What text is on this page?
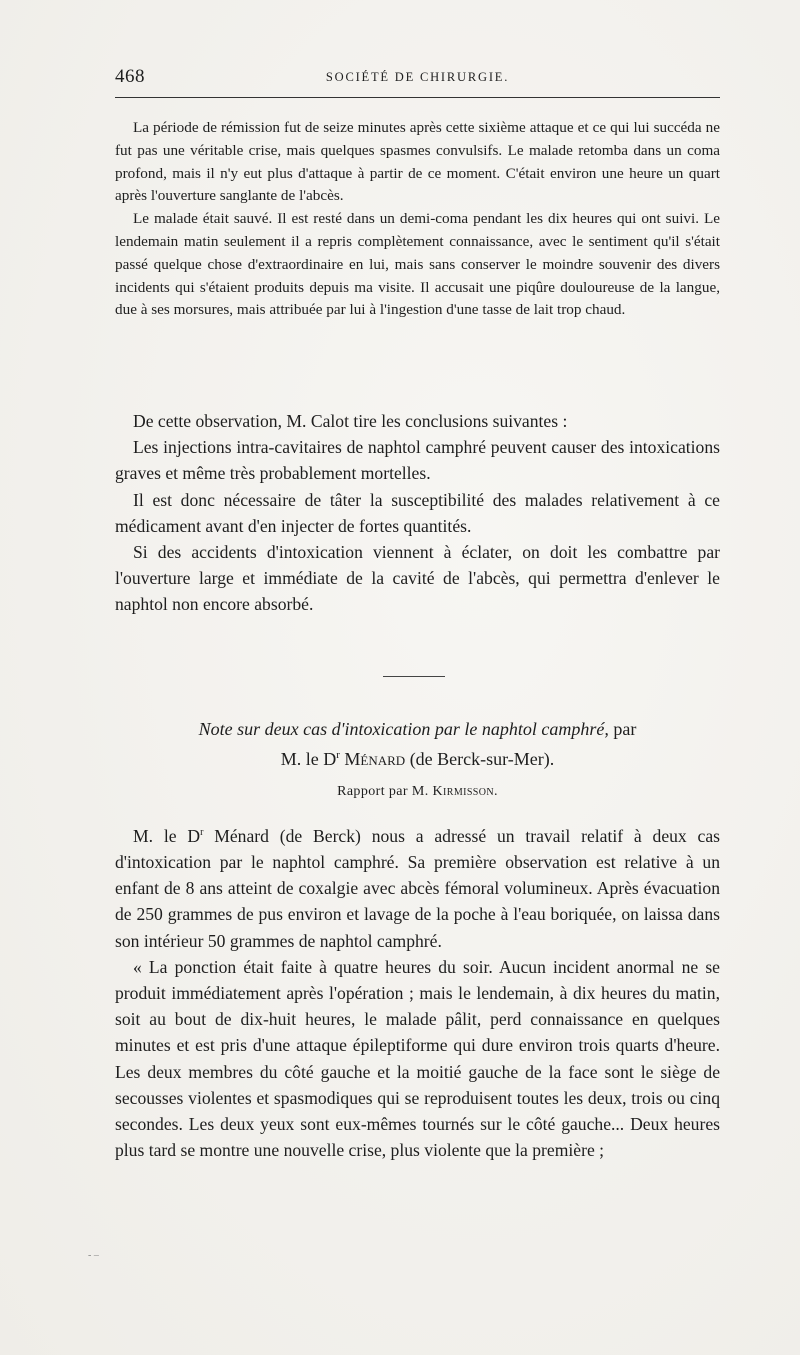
468	SOCIÉTÉ DE CHIRURGIE.

La période de rémission fut de seize minutes après cette sixième attaque et ce qui lui succéda ne fut pas une véritable crise, mais quelques spasmes convulsifs. Le malade retomba dans un coma profond, mais il n'y eut plus d'attaque à partir de ce moment. C'était environ une heure un quart après l'ouverture sanglante de l'abcès.

Le malade était sauvé. Il est resté dans un demi-coma pendant les dix heures qui ont suivi. Le lendemain matin seulement il a repris complètement connaissance, avec le sentiment qu'il s'était passé quelque chose d'extraordinaire en lui, mais sans conserver le moindre souvenir des divers incidents qui s'étaient produits depuis ma visite. Il accusait une piqûre douloureuse de la langue, due à ses morsures, mais attribuée par lui à l'ingestion d'une tasse de lait trop chaud.

De cette observation, M. Calot tire les conclusions suivantes :

Les injections intra-cavitaires de naphtol camphré peuvent causer des intoxications graves et même très probablement mortelles.

Il est donc nécessaire de tâter la susceptibilité des malades relativement à ce médicament avant d'en injecter de fortes quantités.

Si des accidents d'intoxication viennent à éclater, on doit les combattre par l'ouverture large et immédiate de la cavité de l'abcès, qui permettra d'enlever le naphtol non encore absorbé.

Note sur deux cas d'intoxication par le naphtol camphré, par
M. le $D^r$ Ménard (de Berck-sur-Mer).
Rapport par M. Kirmisson.

M. le $D^r$ Ménard (de Berck) nous a adressé un travail relatif à deux cas d'intoxication par le naphtol camphré. Sa première observation est relative à un enfant de 8 ans atteint de coxalgie avec abcès fémoral volumineux. Après évacuation de 250 grammes de pus environ et lavage de la poche à l'eau boriquée, on laissa dans son intérieur 50 grammes de naphtol camphré.

« La ponction était faite à quatre heures du soir. Aucun incident anormal ne se produit immédiatement après l'opération ; mais le lendemain, à dix heures du matin, soit au bout de dix-huit heures, le malade pâlit, perd connaissance en quelques minutes et est pris d'une attaque épileptiforme qui dure environ trois quarts d'heure. Les deux membres du côté gauche et la moitié gauche de la face sont le siège de secousses violentes et spasmodiques qui se reproduisent toutes les deux, trois ou cinq secondes. Les deux yeux sont eux-mêmes tournés sur le côté gauche... Deux heures plus tard se montre une nouvelle crise, plus violente que la première ;

- –
